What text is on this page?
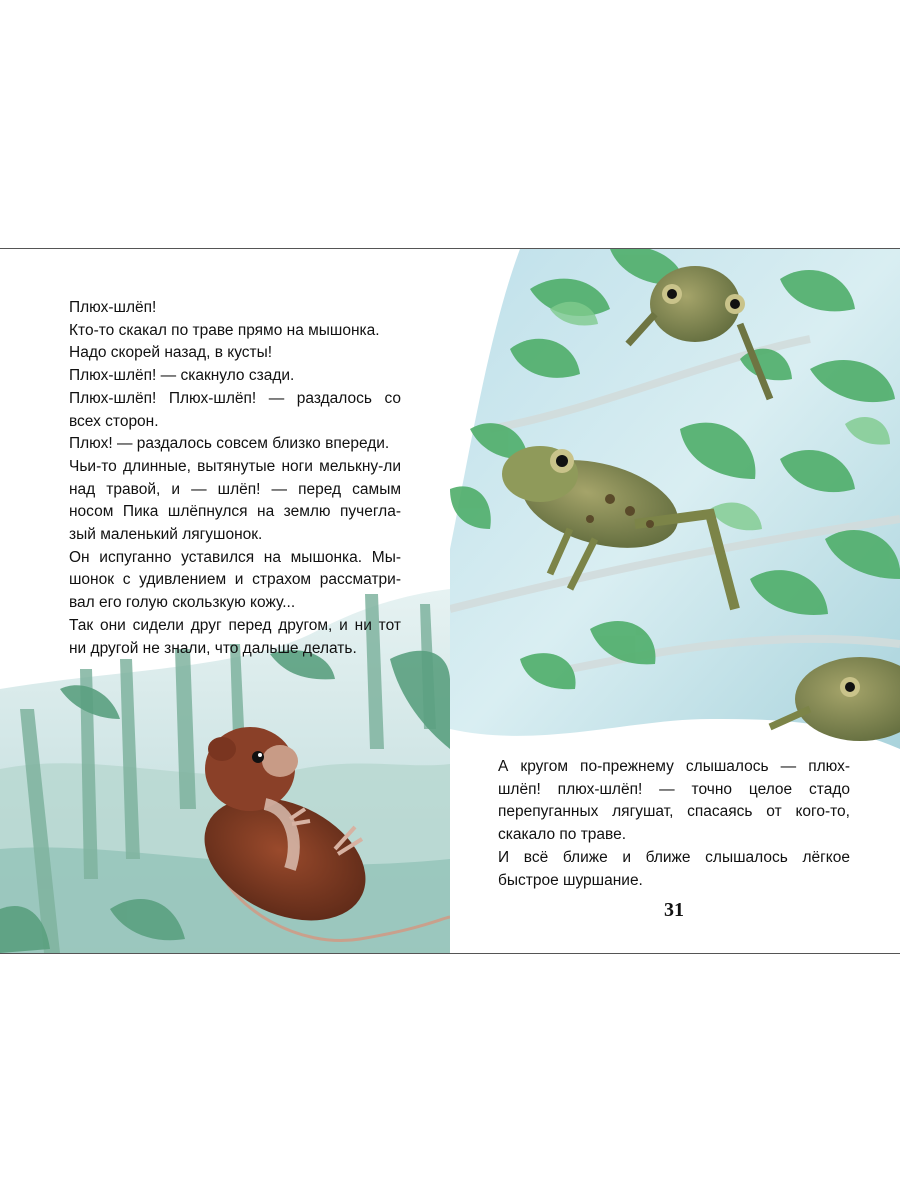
Плюх-шлёп!

Кто-то скакал по траве прямо на мышонка.

Надо скорей назад, в кусты!

Плюх-шлёп! — скакнуло сзади.

Плюх-шлёп! Плюх-шлёп! — раздалось со всех сторон.

Плюх! — раздалось совсем близко впереди.

Чьи-то длинные, вытянутые ноги мелькну-ли над травой, и — шлёп! — перед самым носом Пика шлёпнулся на землю пучегла-зый маленький лягушонок.

Он испуганно уставился на мышонка. Мы-шонок с удивлением и страхом рассматри-вал его голую скользкую кожу...

Так они сидели друг перед другом, и ни тот ни другой не знали, что дальше делать.

А кругом по-прежнему слышалось — плюх-шлёп! плюх-шлёп! — точно целое стадо перепуганных лягушат, спасаясь от кого-то, скакало по траве.

И всё ближе и ближе слышалось лёгкое быстрое шуршание.

31
